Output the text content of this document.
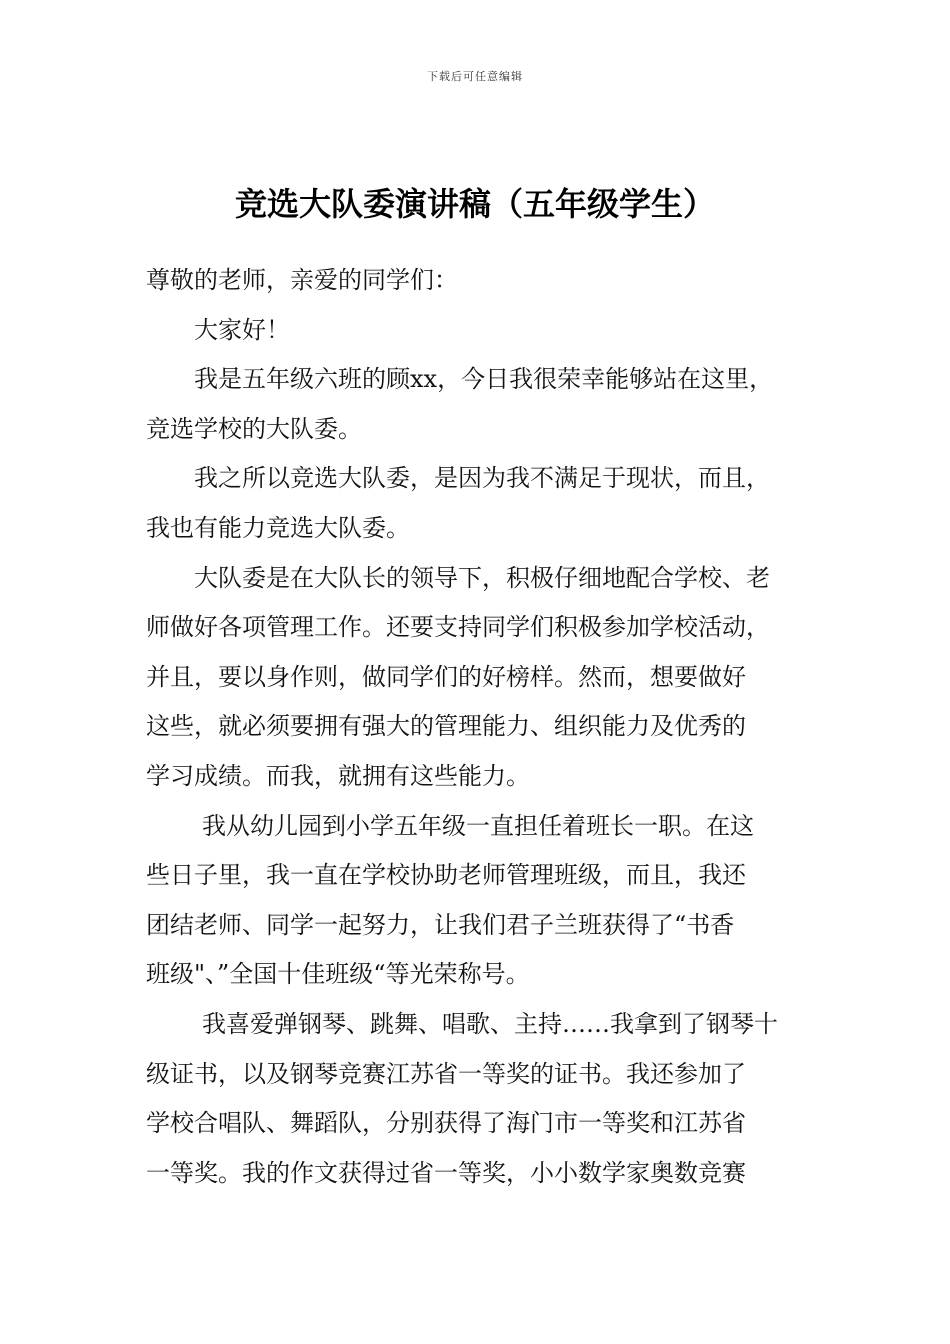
下载后可任意编辑
竞选大队委演讲稿（五年级学生）
尊敬的老师，亲爱的同学们：
大家好！
我是五年级六班的顾xx，今日我很荣幸能够站在这里，
竞选学校的大队委。
我之所以竞选大队委，是因为我不满足于现状，而且，
我也有能力竞选大队委。
大队委是在大队长的领导下，积极仔细地配合学校、老
师做好各项管理工作。还要支持同学们积极参加学校活动，
并且，要以身作则，做同学们的好榜样。然而，想要做好
这些，就必须要拥有强大的管理能力、组织能力及优秀的
学习成绩。而我，就拥有这些能力。
我从幼儿园到小学五年级一直担任着班长一职。在这
些日子里，我一直在学校协助老师管理班级，而且，我还
团结老师、同学一起努力，让我们君子兰班获得了“书香
班级"、”全国十佳班级“等光荣称号。
我喜爱弹钢琴、跳舞、唱歌、主持……我拿到了钢琴十
级证书，以及钢琴竞赛江苏省一等奖的证书。我还参加了
学校合唱队、舞蹈队，分别获得了海门市一等奖和江苏省
一等奖。我的作文获得过省一等奖，小小数学家奥数竞赛
